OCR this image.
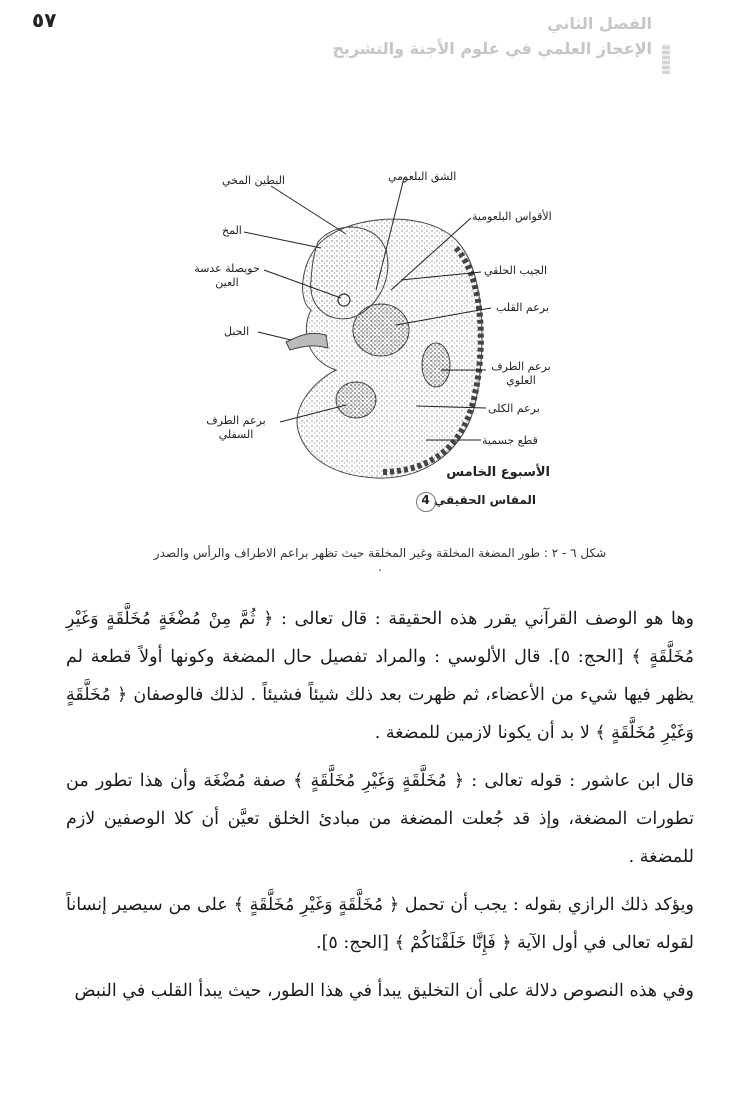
٥٧	الفصل الثاني
الإعجاز العلمي في علوم الأجنة والتشريح
البطين المخي	الشق البلعومي
الأقواس البلعومية
المخ
حويصلة عدسة
العين
الجيب الحلقي
برعم القلب
الحبل
برعم الطرف
العلوي
برعم الكلى
برعم الطرف
السفلي	قطع جسمية
الأسبوع الخامس
المقاس الحقيقي 4
شكل ٦ - ٢ : طور المضغة المخلقة وغير المخلقة حيث تظهر براعم الاطراف والرأس والصدر .

وها هو الوصف القرآني يقرر هذه الحقيقة : قال تعالى : ﴿ ثُمَّ مِنْ مُضْغَةٍ مُخَلَّقَةٍ وَغَيْرِ مُخَلَّقَةٍ ﴾ [الحج: ٥]. قال الألوسي : والمراد تفصيل حال المضغة وكونها أولاً قطعة لم يظهر فيها شيء من الأعضاء، ثم ظهرت بعد ذلك شيئاً فشيئاً . لذلك فالوصفان ﴿ مُخَلَّقَةٍ وَغَيْرِ مُخَلَّقَةٍ ﴾ لا بد أن يكونا لازمين للمضغة .

قال ابن عاشور : قوله تعالى : ﴿ مُخَلَّقَةٍ وَغَيْرِ مُخَلَّقَةٍ ﴾ صفة مُضْغَة وأن هذا تطور من تطورات المضغة، وإذ قد جُعلت المضغة من مبادئ الخلق تعيَّن أن كلا الوصفين لازم للمضغة .

ويؤكد ذلك الرازي بقوله : يجب أن تحمل ﴿ مُخَلَّقَةٍ وَغَيْرِ مُخَلَّقَةٍ ﴾ على من سيصير إنساناً لقوله تعالى في أول الآية ﴿ فَإِنَّا خَلَقْنَاكُمْ ﴾ [الحج: ٥].

وفي هذه النصوص دلالة على أن التخليق يبدأ في هذا الطور، حيث يبدأ القلب في النبض
